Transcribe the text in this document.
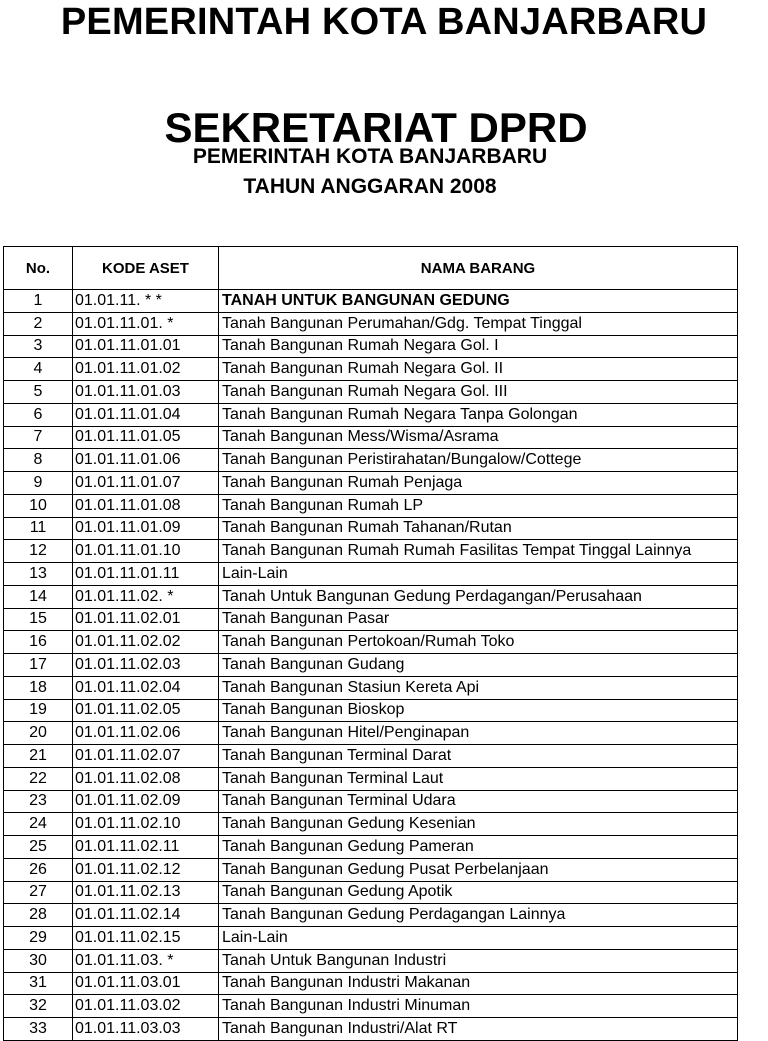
PEMERINTAH KOTA BANJARBARU
SEKRETARIAT DPRD
PEMERINTAH KOTA BANJARBARU
TAHUN ANGGARAN 2008
No.	KODE ASET	NAMA BARANG
1	01.01.11. * *	TANAH UNTUK BANGUNAN GEDUNG
2	01.01.11.01. *	Tanah Bangunan Perumahan/Gdg. Tempat Tinggal
3	01.01.11.01.01	Tanah Bangunan Rumah Negara Gol. I
4	01.01.11.01.02	Tanah Bangunan Rumah Negara Gol. II
5	01.01.11.01.03	Tanah Bangunan Rumah Negara Gol. III
6	01.01.11.01.04	Tanah Bangunan Rumah Negara Tanpa Golongan
7	01.01.11.01.05	Tanah Bangunan Mess/Wisma/Asrama
8	01.01.11.01.06	Tanah Bangunan Peristirahatan/Bungalow/Cottege
9	01.01.11.01.07	Tanah Bangunan Rumah Penjaga
10	01.01.11.01.08	Tanah Bangunan Rumah LP
11	01.01.11.01.09	Tanah Bangunan Rumah Tahanan/Rutan
12	01.01.11.01.10	Tanah Bangunan Rumah Rumah Fasilitas Tempat Tinggal Lainnya
13	01.01.11.01.11	Lain-Lain
14	01.01.11.02. *	Tanah Untuk Bangunan Gedung Perdagangan/Perusahaan
15	01.01.11.02.01	Tanah Bangunan Pasar
16	01.01.11.02.02	Tanah Bangunan Pertokoan/Rumah Toko
17	01.01.11.02.03	Tanah Bangunan Gudang
18	01.01.11.02.04	Tanah Bangunan Stasiun Kereta Api
19	01.01.11.02.05	Tanah Bangunan Bioskop
20	01.01.11.02.06	Tanah Bangunan Hitel/Penginapan
21	01.01.11.02.07	Tanah Bangunan Terminal Darat
22	01.01.11.02.08	Tanah Bangunan Terminal Laut
23	01.01.11.02.09	Tanah Bangunan Terminal Udara
24	01.01.11.02.10	Tanah Bangunan Gedung Kesenian
25	01.01.11.02.11	Tanah Bangunan Gedung Pameran
26	01.01.11.02.12	Tanah Bangunan Gedung Pusat Perbelanjaan
27	01.01.11.02.13	Tanah Bangunan Gedung Apotik
28	01.01.11.02.14	Tanah Bangunan Gedung Perdagangan Lainnya
29	01.01.11.02.15	Lain-Lain
30	01.01.11.03. *	Tanah Untuk Bangunan Industri
31	01.01.11.03.01	Tanah Bangunan Industri Makanan
32	01.01.11.03.02	Tanah Bangunan Industri Minuman
33	01.01.11.03.03	Tanah Bangunan Industri/Alat RT
